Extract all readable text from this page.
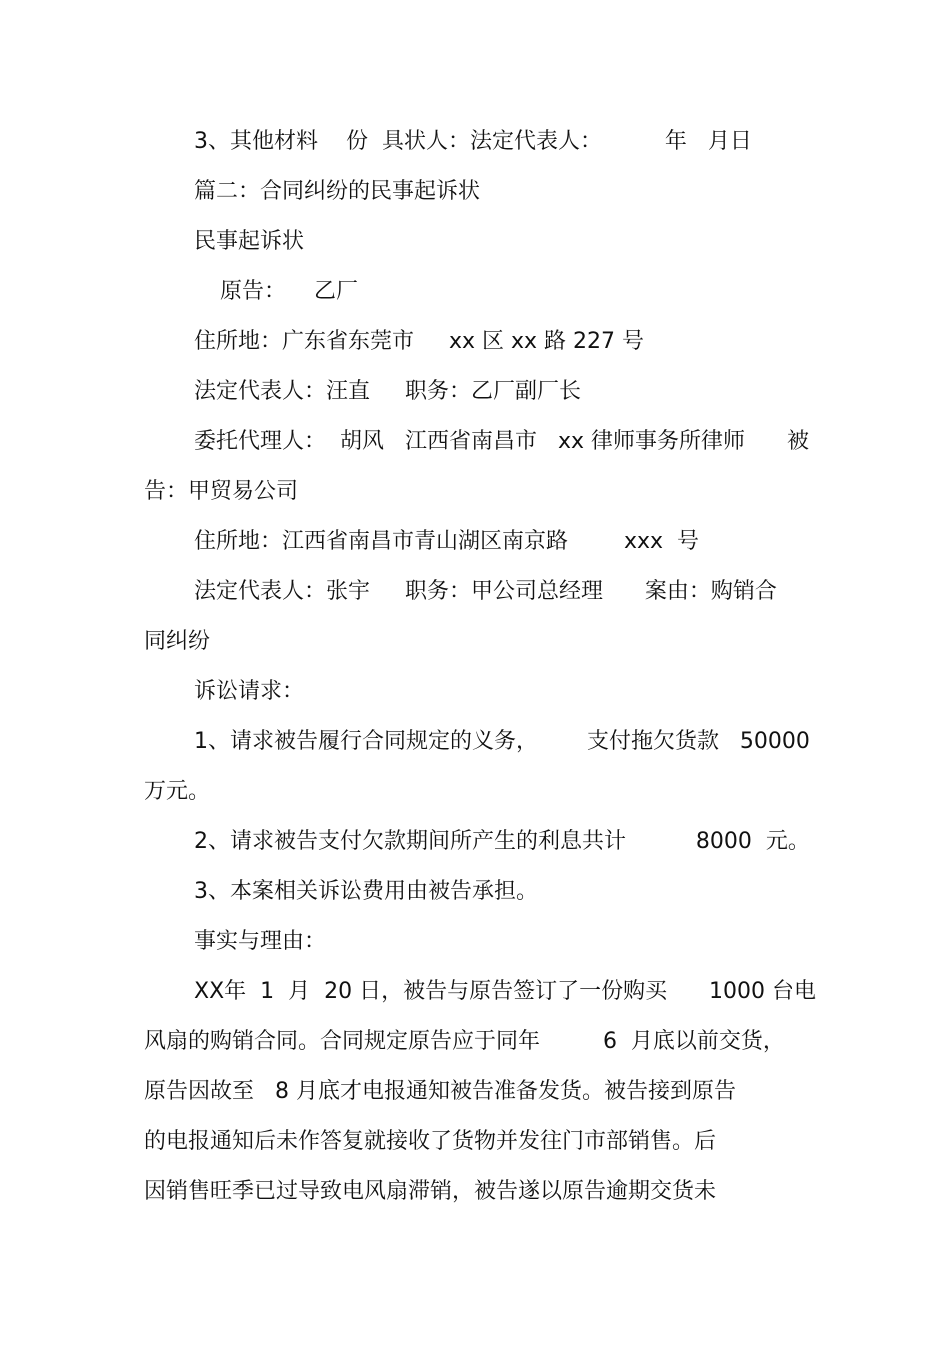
3、其他材料    份  具状人：法定代表人：         年   月日
篇二：合同纠纷的民事起诉状
民事起诉状
原告：    乙厂
住所地：广东省东莞市     xx 区 xx 路 227 号
法定代表人：汪直     职务：乙厂副厂长
委托代理人：  胡风   江西省南昌市   xx 律师事务所律师      被
告：甲贸易公司
住所地：江西省南昌市青山湖区南京路        xxx  号
法定代表人：张宇     职务：甲公司总经理      案由：购销合
同纠纷
诉讼请求：
1、请求被告履行合同规定的义务，       支付拖欠货款   50000
万元。
2、请求被告支付欠款期间所产生的利息共计          8000  元。
3、本案相关诉讼费用由被告承担。
事实与理由：
XX年  1  月  20 日，被告与原告签订了一份购买      1000 台电
风扇的购销合同。合同规定原告应于同年         6  月底以前交货，
原告因故至   8 月底才电报通知被告准备发货。被告接到原告
的电报通知后未作答复就接收了货物并发往门市部销售。后
因销售旺季已过导致电风扇滞销，被告遂以原告逾期交货未
